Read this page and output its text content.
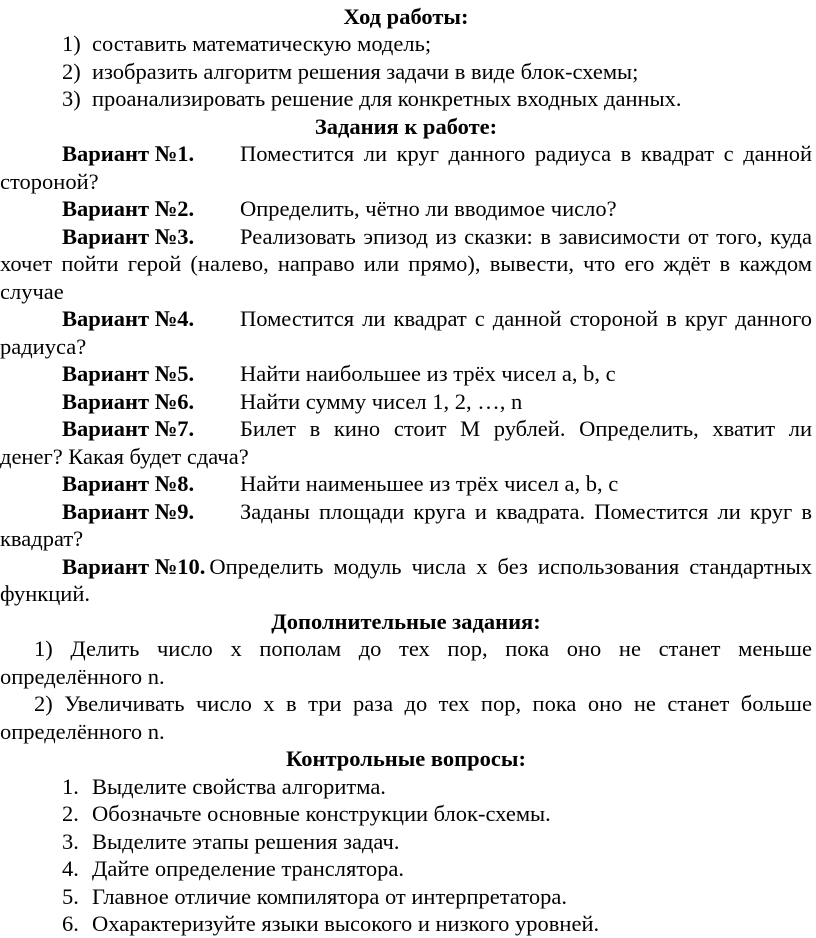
Ход работы:

1) составить математическую модель;
2) изобразить алгоритм решения задачи в виде блок-схемы;
3) проанализировать решение для конкретных входных данных.

Задания к работе:

Вариант №1. Поместится ли круг данного радиуса в квадрат с данной стороной?

Вариант №2. Определить, чётно ли вводимое число?

Вариант №3. Реализовать эпизод из сказки: в зависимости от того, куда хочет пойти герой (налево, направо или прямо), вывести, что его ждёт в каждом случае

Вариант №4. Поместится ли квадрат с данной стороной в круг данного радиуса?

Вариант №5. Найти наибольшее из трёх чисел a, b, c

Вариант №6. Найти сумму чисел 1, 2, …, n

Вариант №7. Билет в кино стоит М рублей. Определить, хватит ли денег? Какая будет сдача?

Вариант №8. Найти наименьшее из трёх чисел a, b, c

Вариант №9. Заданы площади круга и квадрата. Поместится ли круг в квадрат?

Вариант №10. Определить модуль числа x без использования стандартных функций.

Дополнительные задания:

1) Делить число x пополам до тех пор, пока оно не станет меньше определённого n.

2) Увеличивать число x в три раза до тех пор, пока оно не станет больше определённого n.

Контрольные вопросы:

1. Выделите свойства алгоритма.
2. Обозначьте основные конструкции блок-схемы.
3. Выделите этапы решения задач.
4. Дайте определение транслятора.
5. Главное отличие компилятора от интерпретатора.
6. Охарактеризуйте языки высокого и низкого уровней.
